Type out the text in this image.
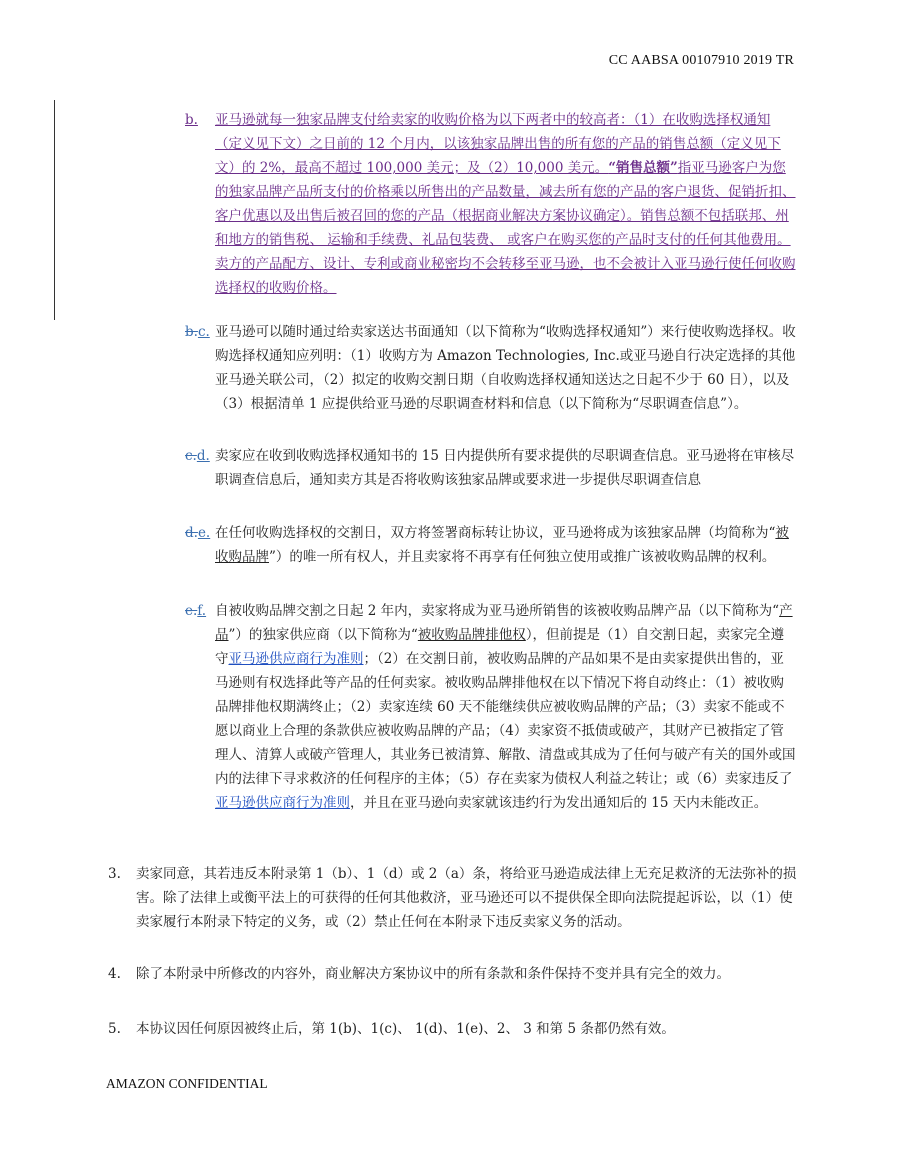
CC AABSA 00107910 2019 TR
b.	亚马逊就每一独家品牌支付给卖家的收购价格为以下两者中的较高者：（1）在收购选择权通知（定义见下文）之日前的 12 个月内，以该独家品牌出售的所有您的产品的销售总额（定义见下文）的 2%，最高不超过 100,000 美元；及（2）10,000 美元。“销售总额”指亚马逊客户为您的独家品牌产品所支付的价格乘以所售出的产品数量，减去所有您的产品的客户退货、促销折扣、客户优惠以及出售后被召回的您的产品（根据商业解决方案协议确定）。销售总额不包括联邦、州和地方的销售税、 运输和手续费、礼品包装费、 或客户在购买您的产品时支付的任何其他费用。卖方的产品配方、设计、专利或商业秘密均不会转移至亚马逊，也不会被计入亚马逊行使任何收购选择权的收购价格。
b.c. 亚马逊可以随时通过给卖家送达书面通知（以下简称为“收购选择权通知”）来行使收购选择权。收购选择权通知应列明：（1）收购方为 Amazon Technologies, Inc.或亚马逊自行决定选择的其他亚马逊关联公司，（2）拟定的收购交割日期（自收购选择权通知送达之日起不少于 60 日），以及（3）根据清单 1 应提供给亚马逊的尽职调查材料和信息（以下简称为“尽职调查信息”）。
c.d. 卖家应在收到收购选择权通知书的 15 日内提供所有要求提供的尽职调查信息。亚马逊将在审核尽职调查信息后，通知卖方其是否将收购该独家品牌或要求进一步提供尽职调查信息
d.e. 在任何收购选择权的交割日，双方将签署商标转让协议，亚马逊将成为该独家品牌（均简称为“被收购品牌”）的唯一所有权人，并且卖家将不再享有任何独立使用或推广该被收购品牌的权利。
e.f. 自被收购品牌交割之日起 2 年内，卖家将成为亚马逊所销售的该被收购品牌产品（以下简称为“产品”）的独家供应商（以下简称为“被收购品牌排他权），但前提是（1）自交割日起，卖家完全遵守亚马逊供应商行为准则；（2）在交割日前，被收购品牌的产品如果不是由卖家提供出售的，亚马逊则有权选择此等产品的任何卖家。被收购品牌排他权在以下情况下将自动终止：（1）被收购品牌排他权期满终止；（2）卖家连续 60 天不能继续供应被收购品牌的产品；（3）卖家不能或不愿以商业上合理的条款供应被收购品牌的产品；（4）卖家资不抵债或破产，其财产已被指定了管理人、清算人或破产管理人，其业务已被清算、解散、清盘或其成为了任何与破产有关的国外或国内的法律下寻求救济的任何程序的主体；（5）存在卖家为债权人利益之转让；或（6）卖家违反了亚马逊供应商行为准则，并且在亚马逊向卖家就该违约行为发出通知后的 15 天内未能改正。
3. 卖家同意，其若违反本附录第 1（b）、1（d）或 2（a）条，将给亚马逊造成法律上无充足救济的无法弥补的损害。除了法律上或衡平法上的可获得的任何其他救济，亚马逊还可以不提供保全即向法院提起诉讼，以（1）使卖家履行本附录下特定的义务，或（2）禁止任何在本附录下违反卖家义务的活动。
4. 除了本附录中所修改的内容外，商业解决方案协议中的所有条款和条件保持不变并具有完全的效力。
5. 本协议因任何原因被终止后，第 1(b)、1(c)、 1(d)、1(e)、2、 3 和第 5 条都仍然有效。
AMAZON CONFIDENTIAL
